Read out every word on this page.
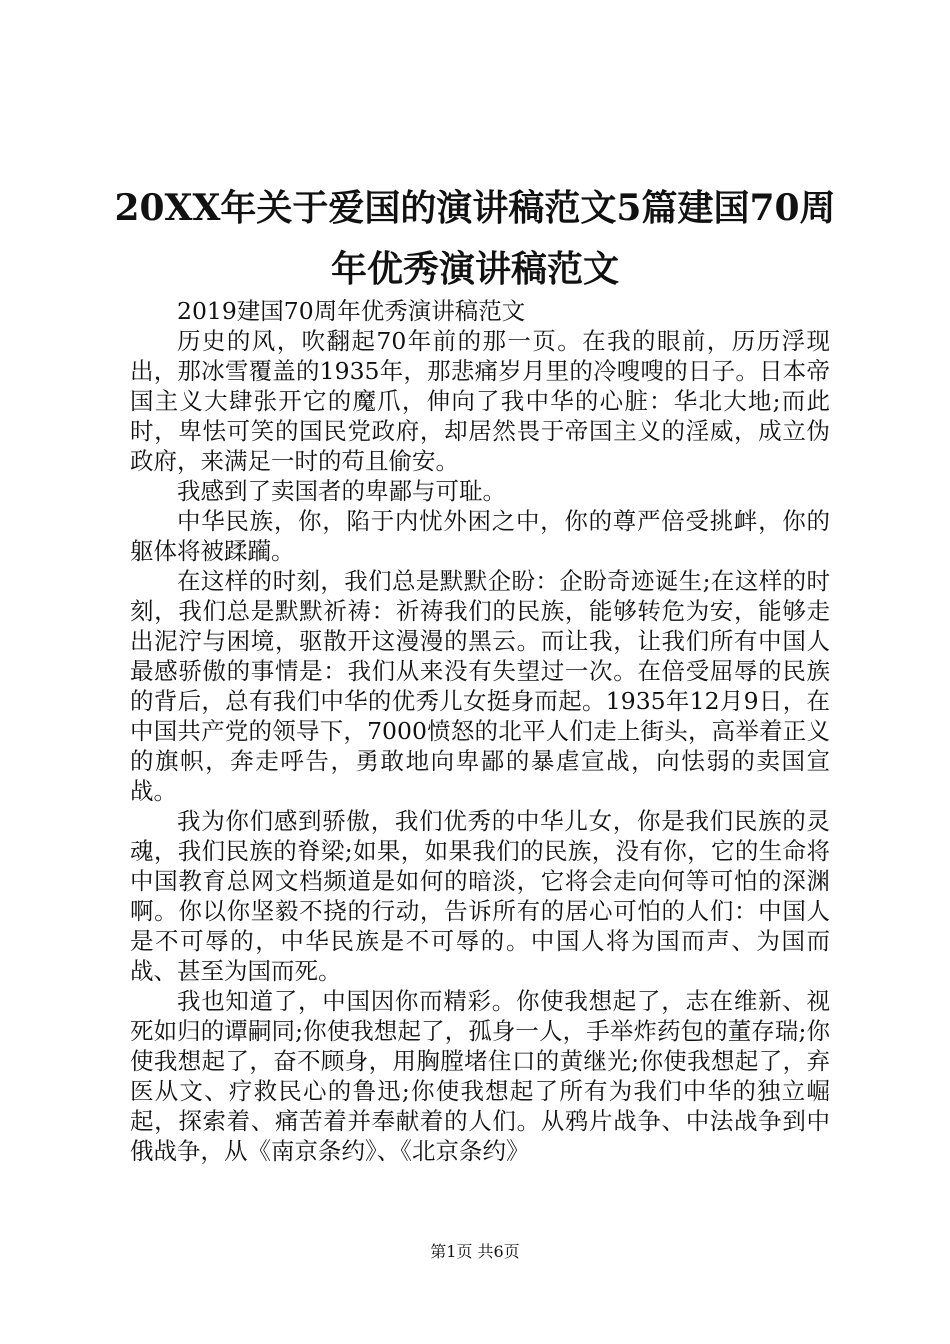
20XX年关于爱国的演讲稿范文5篇建国70周
年优秀演讲稿范文

2019建国70周年优秀演讲稿范文

历史的风，吹翻起70年前的那一页。在我的眼前，历历浮现出，那冰雪覆盖的1935年，那悲痛岁月里的冷嗖嗖的日子。日本帝国主义大肆张开它的魔爪，伸向了我中华的心脏：华北大地;而此时，卑怯可笑的国民党政府，却居然畏于帝国主义的淫威，成立伪政府，来满足一时的苟且偷安。

我感到了卖国者的卑鄙与可耻。

中华民族，你，陷于内忧外困之中，你的尊严倍受挑衅，你的躯体将被蹂躏。

在这样的时刻，我们总是默默企盼：企盼奇迹诞生;在这样的时刻，我们总是默默祈祷：祈祷我们的民族，能够转危为安，能够走出泥泞与困境，驱散开这漫漫的黑云。而让我，让我们所有中国人最感骄傲的事情是：我们从来没有失望过一次。在倍受屈辱的民族的背后，总有我们中华的优秀儿女挺身而起。1935年12月9日，在中国共产党的领导下，7000愤怒的北平人们走上街头，高举着正义的旗帜，奔走呼告，勇敢地向卑鄙的暴虐宣战，向怯弱的卖国宣战。

我为你们感到骄傲，我们优秀的中华儿女，你是我们民族的灵魂，我们民族的脊梁;如果，如果我们的民族，没有你，它的生命将中国教育总网文档频道是如何的暗淡，它将会走向何等可怕的深渊啊。你以你坚毅不挠的行动，告诉所有的居心可怕的人们：中国人是不可辱的，中华民族是不可辱的。中国人将为国而声、为国而战、甚至为国而死。

我也知道了，中国因你而精彩。你使我想起了，志在维新、视死如归的谭嗣同;你使我想起了，孤身一人，手举炸药包的董存瑞;你使我想起了，奋不顾身，用胸膛堵住口的黄继光;你使我想起了，弃医从文、疗救民心的鲁迅;你使我想起了所有为我们中华的独立崛起，探索着、痛苦着并奉献着的人们。从鸦片战争、中法战争到中俄战争，从《南京条约》、《北京条约》

第1页 共6页
